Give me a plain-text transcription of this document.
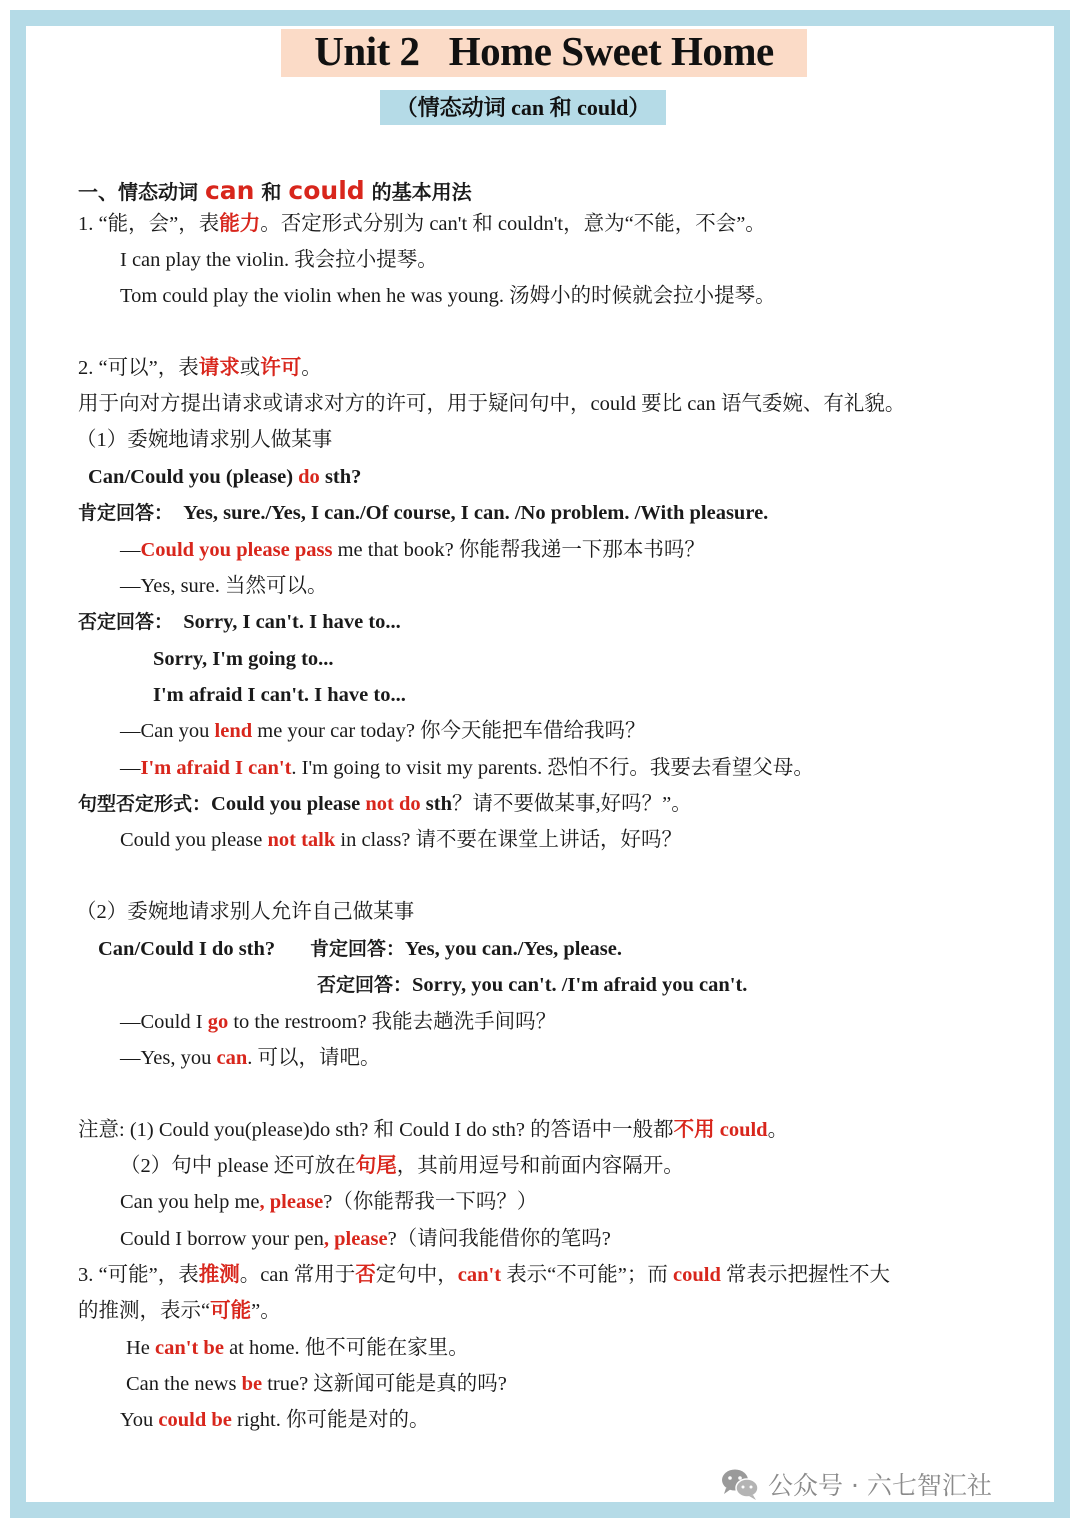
Unit 2   Home Sweet Home
（情态动词 can 和 could）
一、情态动词 can 和 could 的基本用法
1. “能，会”，表能力。否定形式分别为 can't 和 couldn't，意为“不能，不会”。
I can play the violin. 我会拉小提琴。
Tom could play the violin when he was young. 汤姆小的时候就会拉小提琴。
2. “可以”，表请求或许可。
用于向对方提出请求或请求对方的许可，用于疑问句中，could 要比 can 语气委婉、有礼貌。
（1）委婉地请求别人做某事
Can/Could you (please) do sth?
肯定回答：  Yes, sure./Yes, I can./Of course, I can. /No problem. /With pleasure.
—Could you please pass me that book? 你能帮我递一下那本书吗？
—Yes, sure. 当然可以。
否定回答：  Sorry, I can't. I have to...
Sorry, I'm going to...
I'm afraid I can't. I have to...
—Can you lend me your car today? 你今天能把车借给我吗？
—I'm afraid I can't. I'm going to visit my parents. 恐怕不行。我要去看望父母。
句型否定形式：Could you please not do sth？请不要做某事,好吗？”。
Could you please not talk in class? 请不要在课堂上讲话，好吗？
（2）委婉地请求别人允许自己做某事
Can/Could I do sth? 肯定回答：Yes, you can./Yes, please.
否定回答：Sorry, you can't. /I'm afraid you can't.
—Could I go to the restroom? 我能去趟洗手间吗？
—Yes, you can. 可以，请吧。
注意: (1) Could you(please)do sth? 和 Could I do sth? 的答语中一般都不用 could。
（2）句中 please 还可放在句尾，其前用逗号和前面内容隔开。
Can you help me, please?（你能帮我一下吗？）
Could I borrow your pen, please?（请问我能借你的笔吗?
3. “可能”，表推测。can 常用于否定句中，can't 表示“不可能”；而 could 常表示把握性不大
的推测，表示“可能”。
He can't be at home. 他不可能在家里。
Can the news be true? 这新闻可能是真的吗?
You could be right. 你可能是对的。
公众号 · 六七智汇社
